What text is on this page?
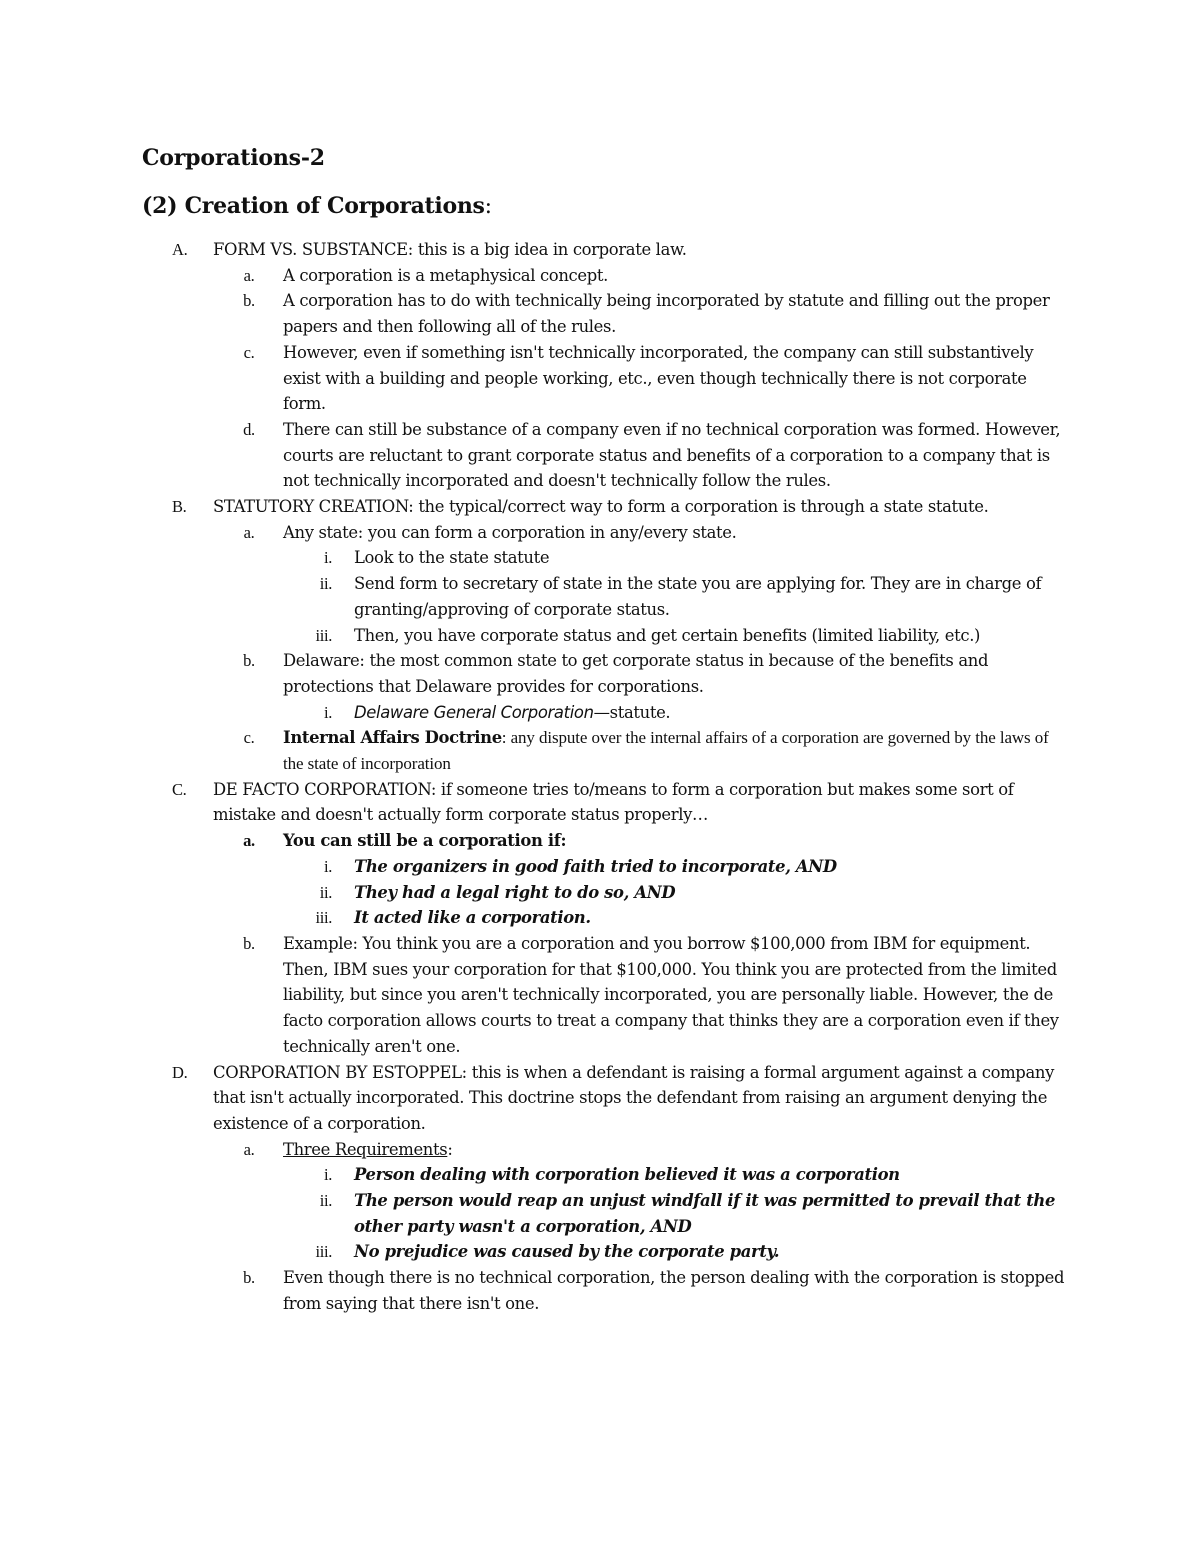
Corporations-2
(2) Creation of Corporations:
A.	FORM VS. SUBSTANCE: this is a big idea in corporate law.
a.	A corporation is a metaphysical concept.
b.	A corporation has to do with technically being incorporated by statute and filling out the proper papers and then following all of the rules.
c.	However, even if something isn't technically incorporated, the company can still substantively exist with a building and people working, etc., even though technically there is not corporate form.
d.	There can still be substance of a company even if no technical corporation was formed. However, courts are reluctant to grant corporate status and benefits of a corporation to a company that is not technically incorporated and doesn't technically follow the rules.
B.	STATUTORY CREATION: the typical/correct way to form a corporation is through a state statute.
a.	Any state: you can form a corporation in any/every state.
i. Look to the state statute
ii. Send form to secretary of state in the state you are applying for. They are in charge of granting/approving of corporate status.
iii. Then, you have corporate status and get certain benefits (limited liability, etc.)
b.	Delaware: the most common state to get corporate status in because of the benefits and protections that Delaware provides for corporations.
i. Delaware General Corporation—statute.
c.	Internal Affairs Doctrine: any dispute over the internal affairs of a corporation are governed by the laws of the state of incorporation
C.	DE FACTO CORPORATION: if someone tries to/means to form a corporation but makes some sort of mistake and doesn't actually form corporate status properly…
a.	You can still be a corporation if:
i. The organizers in good faith tried to incorporate, AND
ii. They had a legal right to do so, AND
iii. It acted like a corporation.
b.	Example: You think you are a corporation and you borrow $100,000 from IBM for equipment. Then, IBM sues your corporation for that $100,000. You think you are protected from the limited liability, but since you aren't technically incorporated, you are personally liable. However, the de facto corporation allows courts to treat a company that thinks they are a corporation even if they technically aren't one.
D.	CORPORATION BY ESTOPPEL: this is when a defendant is raising a formal argument against a company that isn't actually incorporated. This doctrine stops the defendant from raising an argument denying the existence of a corporation.
a.	Three Requirements:
i. Person dealing with corporation believed it was a corporation
ii. The person would reap an unjust windfall if it was permitted to prevail that the other party wasn't a corporation, AND
iii. No prejudice was caused by the corporate party.
b.	Even though there is no technical corporation, the person dealing with the corporation is stopped from saying that there isn't one.
